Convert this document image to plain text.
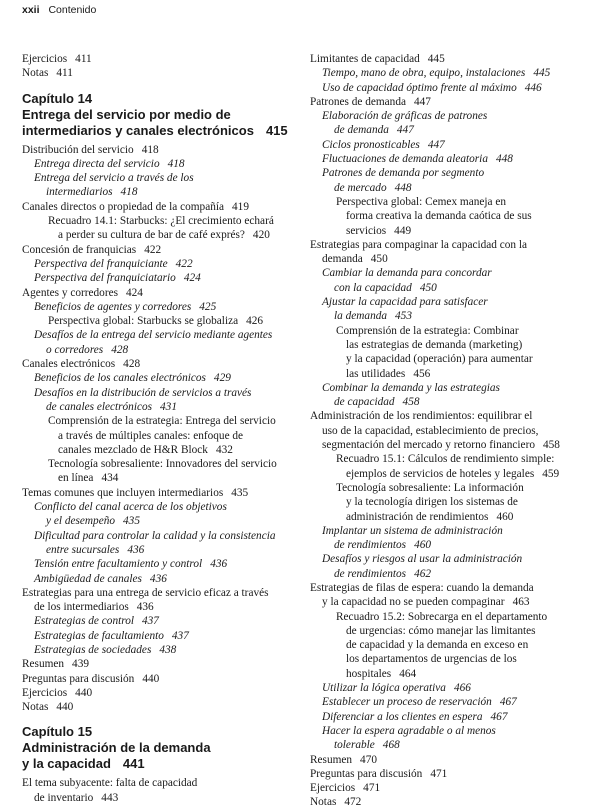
xxii Contenido
Ejercicios 411
Notas 411
Capítulo 14
Entrega del servicio por medio de
intermediarios y canales electrónicos 415
Distribución del servicio 418
Entrega directa del servicio 418
Entrega del servicio a través de los
intermediarios 418
Canales directos o propiedad de la compañía 419
Recuadro 14.1: Starbucks: ¿El crecimiento echará
a perder su cultura de bar de café exprés? 420
Concesión de franquicias 422
Perspectiva del franquiciante 422
Perspectiva del franquiciatario 424
Agentes y corredores 424
Beneficios de agentes y corredores 425
Perspectiva global: Starbucks se globaliza 426
Desafíos de la entrega del servicio mediante agentes
o corredores 428
Canales electrónicos 428
Beneficios de los canales electrónicos 429
Desafíos en la distribución de servicios a través
de canales electrónicos 431
Comprensión de la estrategia: Entrega del servicio
a través de múltiples canales: enfoque de
canales mezclado de H&R Block 432
Tecnología sobresaliente: Innovadores del servicio
en línea 434
Temas comunes que incluyen intermediarios 435
Conflicto del canal acerca de los objetivos
y el desempeño 435
Dificultad para controlar la calidad y la consistencia
entre sucursales 436
Tensión entre facultamiento y control 436
Ambigüedad de canales 436
Estrategias para una entrega de servicio eficaz a través
de los intermediarios 436
Estrategias de control 437
Estrategias de facultamiento 437
Estrategias de sociedades 438
Resumen 439
Preguntas para discusión 440
Ejercicios 440
Notas 440
Capítulo 15
Administración de la demanda
y la capacidad 441
El tema subyacente: falta de capacidad
de inventario 443
Limitantes de capacidad 445
Tiempo, mano de obra, equipo, instalaciones 445
Uso de capacidad óptimo frente al máximo 446
Patrones de demanda 447
Elaboración de gráficas de patrones
de demanda 447
Ciclos pronosticables 447
Fluctuaciones de demanda aleatoria 448
Patrones de demanda por segmento
de mercado 448
Perspectiva global: Cemex maneja en
forma creativa la demanda caótica de sus
servicios 449
Estrategias para compaginar la capacidad con la
demanda 450
Cambiar la demanda para concordar
con la capacidad 450
Ajustar la capacidad para satisfacer
la demanda 453
Comprensión de la estrategia: Combinar
las estrategias de demanda (marketing)
y la capacidad (operación) para aumentar
las utilidades 456
Combinar la demanda y las estrategias
de capacidad 458
Administración de los rendimientos: equilibrar el
uso de la capacidad, establecimiento de precios,
segmentación del mercado y retorno financiero 458
Recuadro 15.1: Cálculos de rendimiento simple:
ejemplos de servicios de hoteles y legales 459
Tecnología sobresaliente: La información
y la tecnología dirigen los sistemas de
administración de rendimientos 460
Implantar un sistema de administración
de rendimientos 460
Desafíos y riesgos al usar la administración
de rendimientos 462
Estrategias de filas de espera: cuando la demanda
y la capacidad no se pueden compaginar 463
Recuadro 15.2: Sobrecarga en el departamento
de urgencias: cómo manejar las limitantes
de capacidad y la demanda en exceso en
los departamentos de urgencias de los
hospitales 464
Utilizar la lógica operativa 466
Establecer un proceso de reservación 467
Diferenciar a los clientes en espera 467
Hacer la espera agradable o al menos
tolerable 468
Resumen 470
Preguntas para discusión 471
Ejercicios 471
Notas 472
